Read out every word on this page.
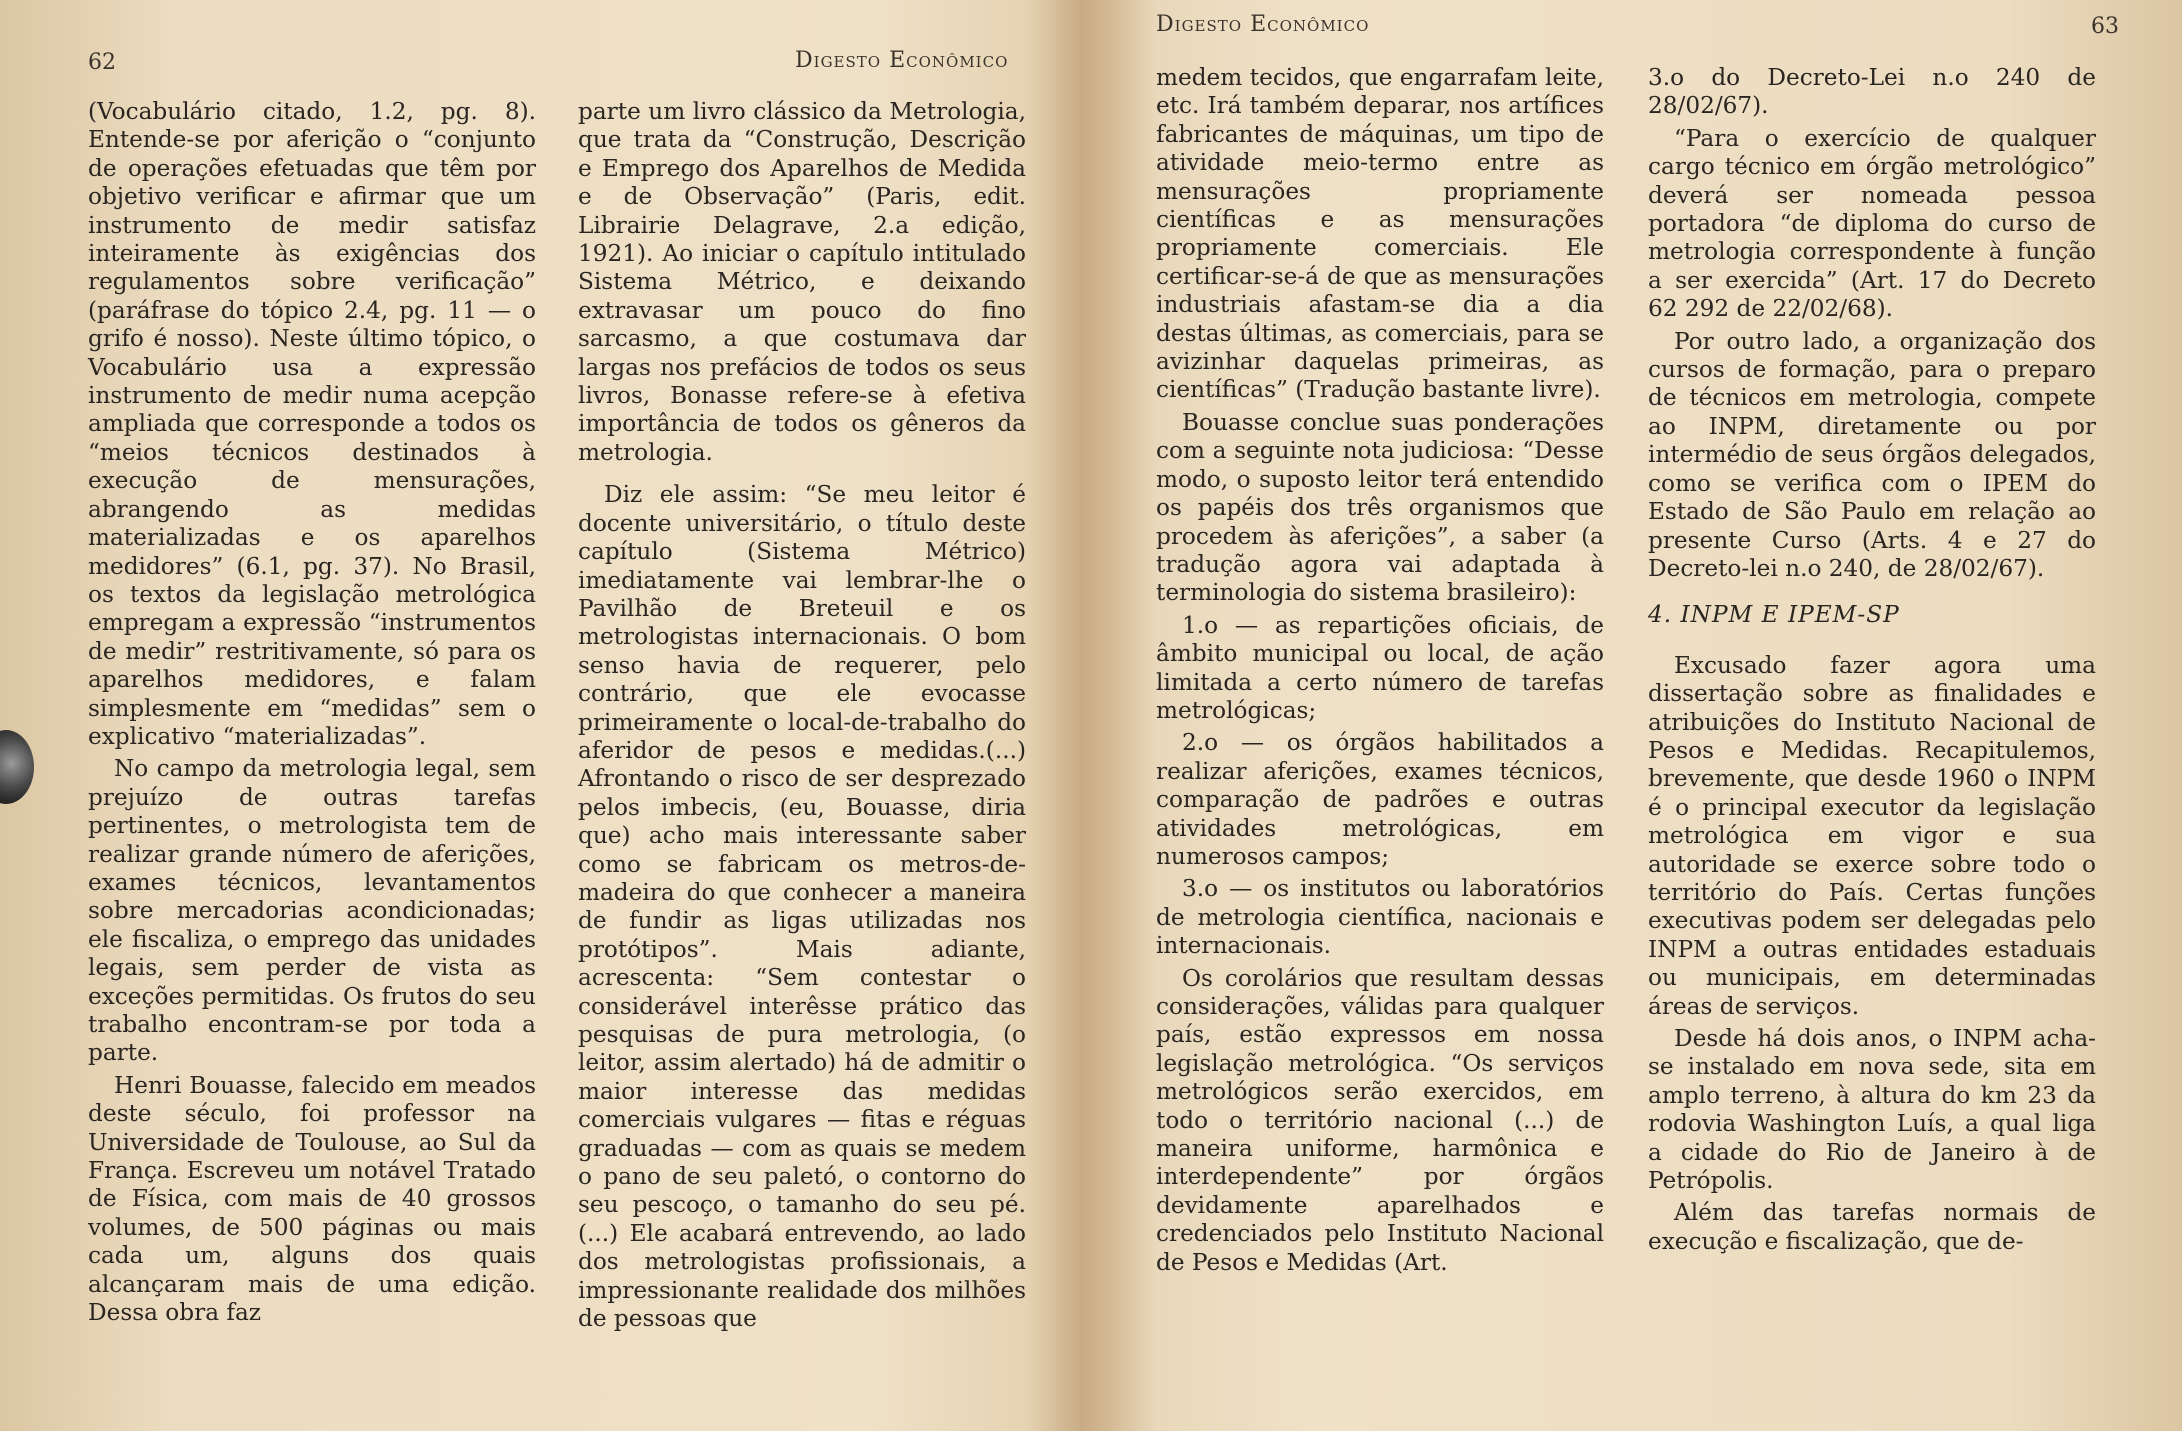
62	Digesto Econômico

(Vocabulário citado, 1.2, pg. 8). Entende-se por aferição o “conjunto de operações efetuadas que têm por objetivo verificar e afirmar que um instrumento de medir satisfaz inteiramente às exigências dos regulamentos sobre verificação” (paráfrase do tópico 2.4, pg. 11 — o grifo é nosso). Neste último tópico, o Vocabulário usa a expressão instrumento de medir numa acepção ampliada que corresponde a todos os “meios técnicos destinados à execução de mensurações, abrangendo as medidas materializadas e os aparelhos medidores” (6.1, pg. 37). No Brasil, os textos da legislação metrológica empregam a expressão “instrumentos de medir” restritivamente, só para os aparelhos medidores, e falam simplesmente em “medidas” sem o explicativo “materializadas”.

No campo da metrologia legal, sem prejuízo de outras tarefas pertinentes, o metrologista tem de realizar grande número de aferições, exames técnicos, levantamentos sobre mercadorias acondicionadas; ele fiscaliza, o emprego das unidades legais, sem perder de vista as exceções permitidas. Os frutos do seu trabalho encontram-se por toda a parte.

Henri Bouasse, falecido em meados deste século, foi professor na Universidade de Toulouse, ao Sul da França. Escreveu um notável Tratado de Física, com mais de 40 grossos volumes, de 500 páginas ou mais cada um, alguns dos quais alcançaram mais de uma edição. Dessa obra faz

parte um livro clássico da Metrologia, que trata da “Construção, Descrição e Emprego dos Aparelhos de Medida e de Observação” (Paris, edit. Librairie Delagrave, 2.a edição, 1921). Ao iniciar o capítulo intitulado Sistema Métrico, e deixando extravasar um pouco do fino sarcasmo, a que costumava dar largas nos prefácios de todos os seus livros, Bonasse refere-se à efetiva importância de todos os gêneros da metrologia.

Diz ele assim: “Se meu leitor é docente universitário, o título deste capítulo (Sistema Métrico) imediatamente vai lembrar-lhe o Pavilhão de Breteuil e os metrologistas internacionais. O bom senso havia de requerer, pelo contrário, que ele evocasse primeiramente o local-de-trabalho do aferidor de pesos e medidas.(...) Afrontando o risco de ser desprezado pelos imbecis, (eu, Bouasse, diria que) acho mais interessante saber como se fabricam os metros-de-madeira do que conhecer a maneira de fundir as ligas utilizadas nos protótipos”. Mais adiante, acrescenta: “Sem contestar o considerável interêsse prático das pesquisas de pura metrologia, (o leitor, assim alertado) há de admitir o maior interesse das medidas comerciais vulgares — fitas e réguas graduadas — com as quais se medem o pano de seu paletó, o contorno do seu pescoço, o tamanho do seu pé. (...) Ele acabará entrevendo, ao lado dos metrologistas profissionais, a impressionante realidade dos milhões de pessoas que

Digesto Econômico	63

medem tecidos, que engarrafam leite, etc. Irá também deparar, nos artífices fabricantes de máquinas, um tipo de atividade meio-termo entre as mensurações propriamente científicas e as mensurações propriamente comerciais. Ele certificar-se-á de que as mensurações industriais afastam-se dia a dia destas últimas, as comerciais, para se avizinhar daquelas primeiras, as científicas” (Tradução bastante livre).

Bouasse conclue suas ponderações com a seguinte nota judiciosa: “Desse modo, o suposto leitor terá entendido os papéis dos três organismos que procedem às aferições”, a saber (a tradução agora vai adaptada à terminologia do sistema brasileiro):

1.o — as repartições oficiais, de âmbito municipal ou local, de ação limitada a certo número de tarefas metrológicas;

2.o — os órgãos habilitados a realizar aferições, exames técnicos, comparação de padrões e outras atividades metrológicas, em numerosos campos;

3.o — os institutos ou laboratórios de metrologia científica, nacionais e internacionais.

Os corolários que resultam dessas considerações, válidas para qualquer país, estão expressos em nossa legislação metrológica. “Os serviços metrológicos serão exercidos, em todo o território nacional (...) de maneira uniforme, harmônica e interdependente” por órgãos devidamente aparelhados e credenciados pelo Instituto Nacional de Pesos e Medidas (Art.

3.o do Decreto-Lei n.o 240 de 28/02/67).

“Para o exercício de qualquer cargo técnico em órgão metrológico” deverá ser nomeada pessoa portadora “de diploma do curso de metrologia correspondente à função a ser exercida” (Art. 17 do Decreto 62 292 de 22/02/68).

Por outro lado, a organização dos cursos de formação, para o preparo de técnicos em metrologia, compete ao INPM, diretamente ou por intermédio de seus órgãos delegados, como se verifica com o IPEM do Estado de São Paulo em relação ao presente Curso (Arts. 4 e 27 do Decreto-lei n.o 240, de 28/02/67).

4. INPM E IPEM-SP

Excusado fazer agora uma dissertação sobre as finalidades e atribuições do Instituto Nacional de Pesos e Medidas. Recapitulemos, brevemente, que desde 1960 o INPM é o principal executor da legislação metrológica em vigor e sua autoridade se exerce sobre todo o território do País. Certas funções executivas podem ser delegadas pelo INPM a outras entidades estaduais ou municipais, em determinadas áreas de serviços.

Desde há dois anos, o INPM acha-se instalado em nova sede, sita em amplo terreno, à altura do km 23 da rodovia Washington Luís, a qual liga a cidade do Rio de Janeiro à de Petrópolis.

Além das tarefas normais de execução e fiscalização, que de-
